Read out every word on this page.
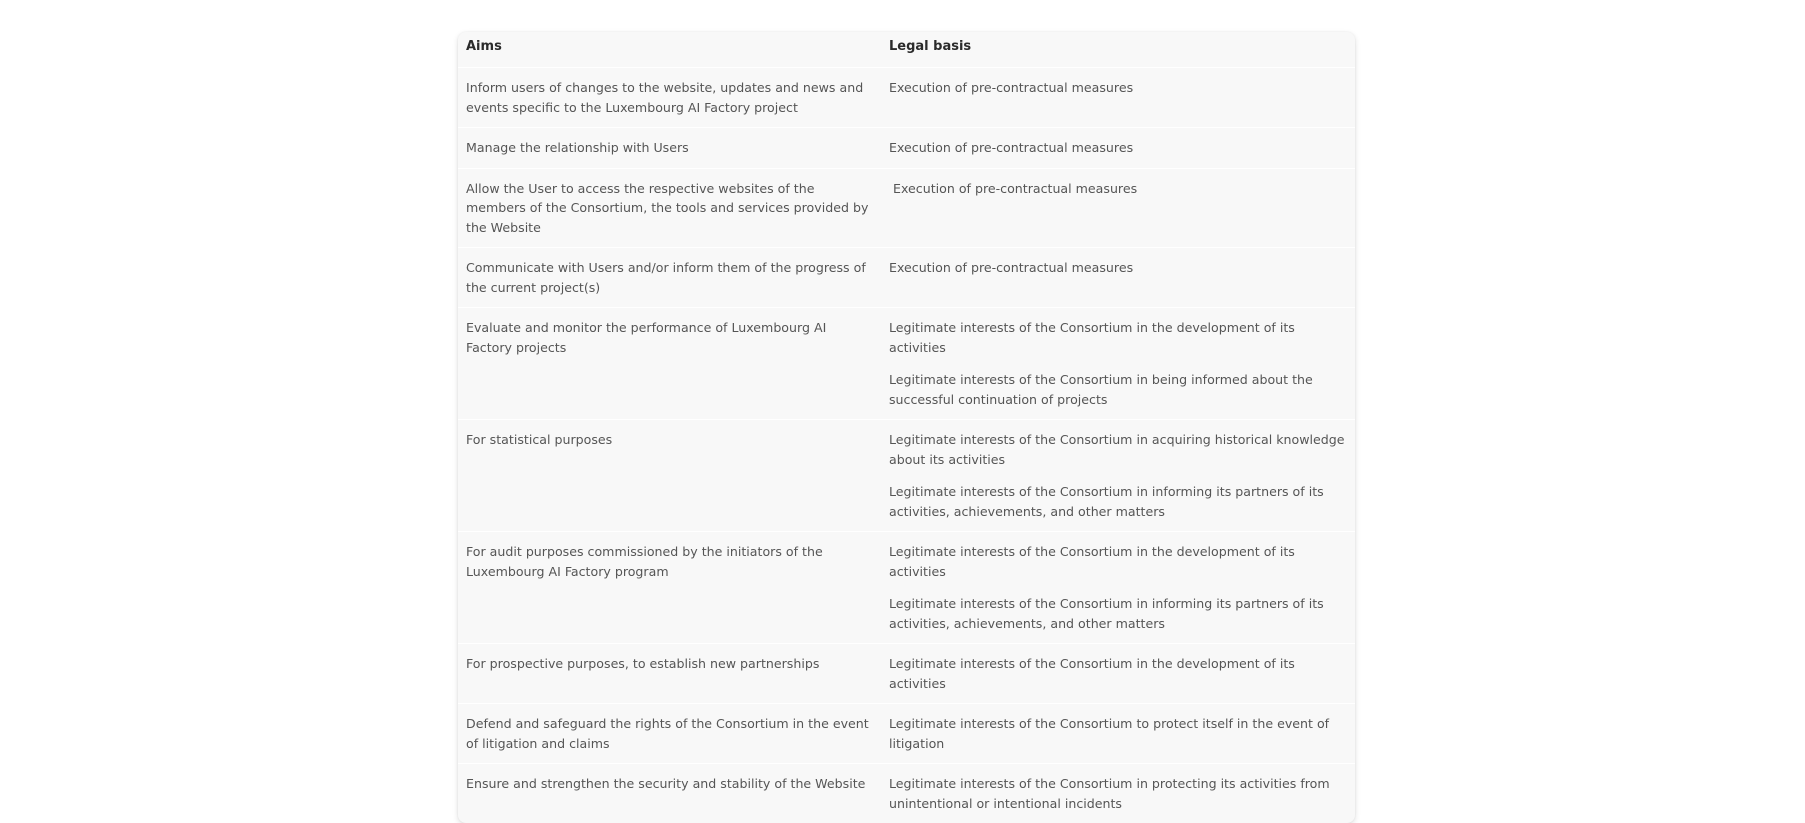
Aims	Legal basis

Inform users of changes to the website, updates and news and events specific to the Luxembourg AI Factory project	Execution of pre-contractual measures

Manage the relationship with Users	Execution of pre-contractual measures

Allow the User to access the respective websites of the members of the Consortium, the tools and services provided by the Website	Execution of pre-contractual measures

Communicate with Users and/or inform them of the progress of the current project(s)	Execution of pre-contractual measures

Evaluate and monitor the performance of Luxembourg AI Factory projects	Legitimate interests of the Consortium in the development of its activities

Legitimate interests of the Consortium in being informed about the successful continuation of projects

For statistical purposes	Legitimate interests of the Consortium in acquiring historical knowledge about its activities

Legitimate interests of the Consortium in informing its partners of its activities, achievements, and other matters

For audit purposes commissioned by the initiators of the Luxembourg AI Factory program	Legitimate interests of the Consortium in the development of its activities

Legitimate interests of the Consortium in informing its partners of its activities, achievements, and other matters

For prospective purposes, to establish new partnerships	Legitimate interests of the Consortium in the development of its activities

Defend and safeguard the rights of the Consortium in the event of litigation and claims	Legitimate interests of the Consortium to protect itself in the event of litigation

Ensure and strengthen the security and stability of the Website	Legitimate interests of the Consortium in protecting its activities from unintentional or intentional incidents
